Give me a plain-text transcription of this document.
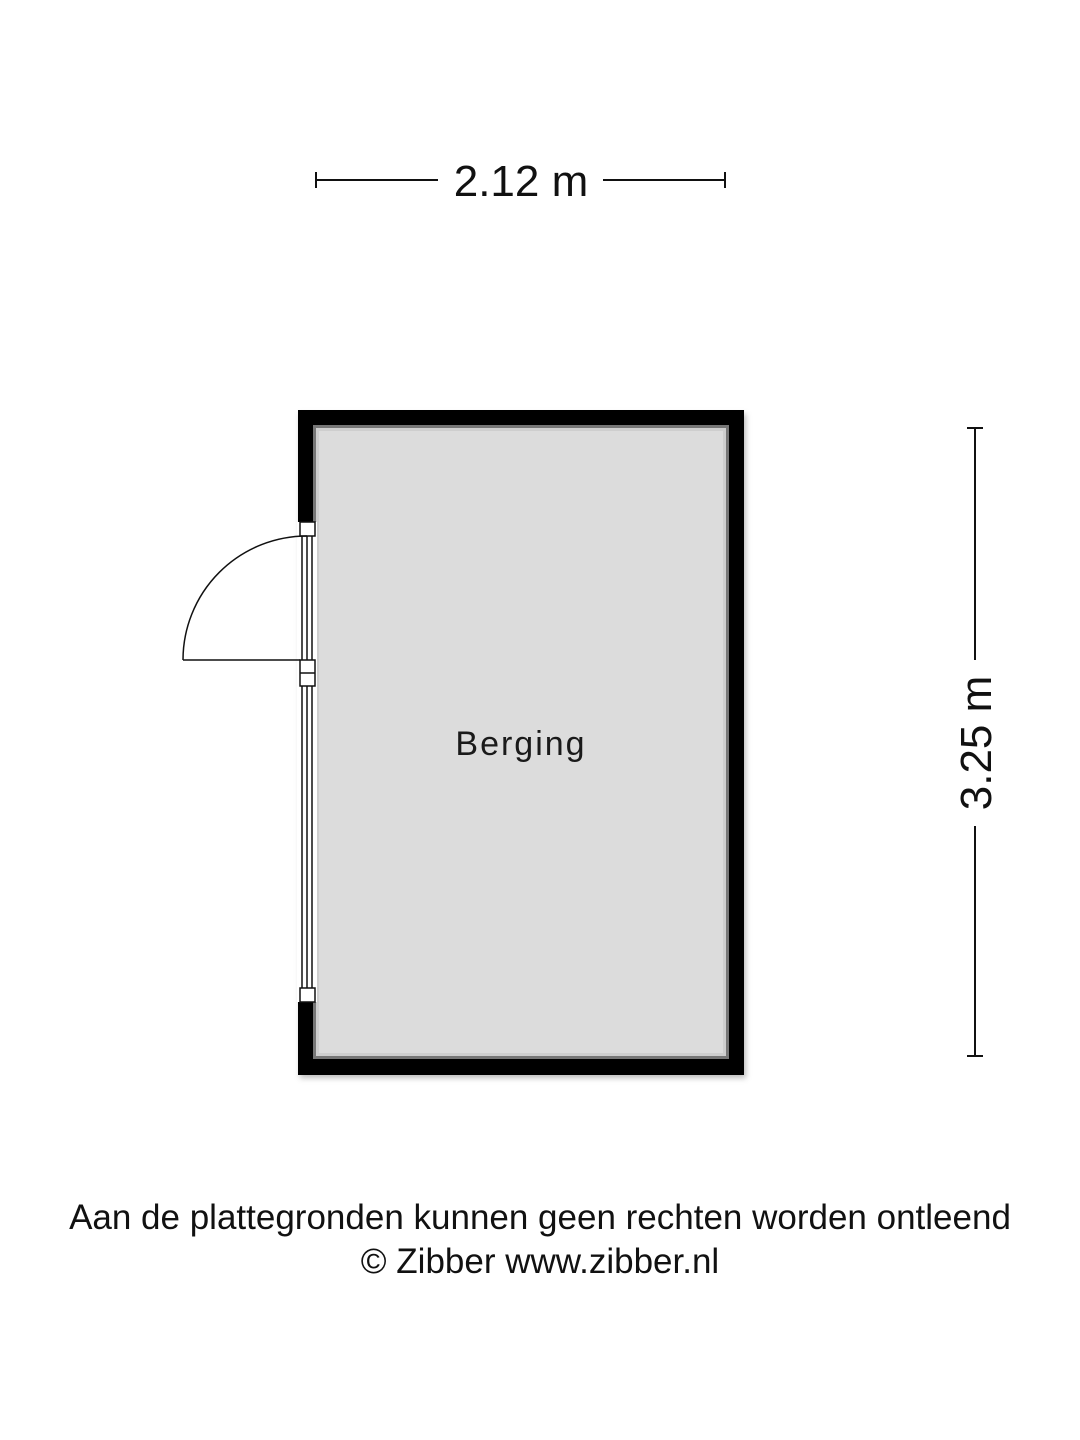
2.12 m
Berging	3.25 m
Aan de plattegronden kunnen geen rechten worden ontleend
© Zibber www.zibber.nl
